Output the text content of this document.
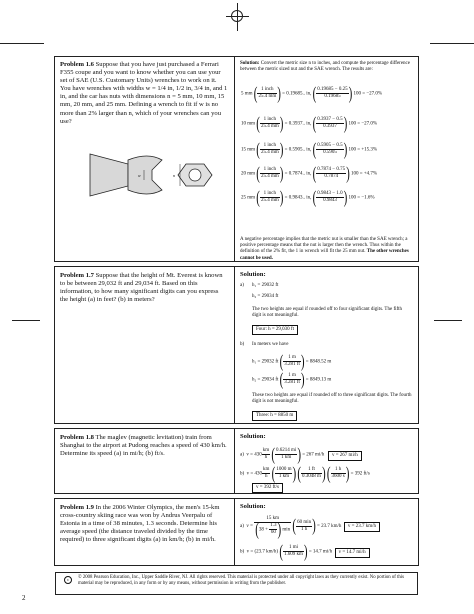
Problem 1.6 Suppose that you have just purchased a Ferrari F355 coupe and you want to know whether you can use your set of SAE (U.S. Customary Units) wrenches to work on it. You have wrenches with widths w = 1/4 in, 1/2 in, 3/4 in, and 1 in, and the car has nuts with dimensions n = 5 mm, 10 mm, 15 mm, 20 mm, and 25 mm. Defining a wrench to fit if w is no more than 2% larger than n, which of your wrenches can you use?
w	n
Solution: Convert the metric size n to inches, and compute the percentage difference between the metric sized nut and the SAE wrench. The results are:
A negative percentage implies that the metric nut is smaller than the SAE wrench; a positive percentage means that the nut is larger then the wrench. Thus within the definition of the 2% fit, the 1 in wrench will fit the 25 mm nut. The other wrenches cannot be used.
5 mm ( $\frac{\text{1 inch}}{25.4 mm}$ ) = 0.19685.. in, ( $\frac{0.19685 - 0.25}{0.19685}$ ) 100 = −27.0%
10 mm ( $\frac{\text{1 inch}}{25.4 mm}$ ) = 0.3937.. in, ( $\frac{0.3937 - 0.5}{0.3937}$ ) 100 = −27.0%
15 mm ( $\frac{\text{1 inch}}{25.4 mm}$ ) = 0.5905.. in, ( $\frac{0.5905 - 0.5}{0.5905}$ ) 100 = +15.3%
20 mm ( $\frac{\text{1 inch}}{25.4 mm}$ ) = 0.7874.. in, ( $\frac{0.7874 - 0.75}{0.7874}$ ) 100 = +4.7%
25 mm ( $\frac{\text{1 inch}}{25.4 mm}$ ) = 0.9843.. in, ( $\frac{0.9843 - 1.0}{0.9843}$ ) 100 = −1.6%
Problem 1.7 Suppose that the height of Mt. Everest is known to be between 29,032 ft and 29,034 ft. Based on this information, to how many significant digits can you express the height (a) in feet? (b) in meters?
Solution:
a) h₁ = 29032 ft
h₂ = 29034 ft
The two heights are equal if rounded off to four significant digits. The fifth digit is not meaningful.
Four: h = 29,030 ft
b) In meters we have
h₁ = 29032 ft ( $\frac{1 m}{3.281 ft}$ ) = 8848.52 m
h₂ = 29034 ft ( $\frac{1 m}{3.281 ft}$ ) = 8849.13 m
These two heights are equal if rounded off to three significant digits. The fourth digit is not meaningful.
Three: h = 8850 m
Problem 1.8 The maglev (magnetic levitation) train from Shanghai to the airport at Pudong reaches a speed of 430 km/h. Determine its speed (a) in mi/h; (b) ft/s.
Solution:
a) $v = 430 \frac{km}{h}$ ( $\frac{0.6214 mi}{1 km}$ ) = 267 mi/h v = 267 mi/h
b) $v = 430 \frac{km}{h}$ ( $\frac{1000 m}{1 km}$ ) ( $\frac{1 ft}{0.3048 m}$ ) ( $\frac{1 h}{3600 s}$ ) = 392 ft/s
v = 392 ft/s
Problem 1.9 In the 2006 Winter Olympics, the men's 15-km cross-country skiing race was won by Andrus Veerpalu of Estonia in a time of 38 minutes, 1.3 seconds. Determine his average speed (the distance traveled divided by the time required) to three significant digits (a) in km/h; (b) in mi/h.
Solution:
a) $v = \frac{15 km}{(38 + \frac{1.3}{60} ) \min}$ ( $\frac{60 \min}{1 h}$ ) = 23.7 km/h v = 23.7 km/h
b) v = (23.7 km/h) ( $\frac{1 mi}{1.609 km}$ ) = 14.7 mi/h v = 14.7 mi/h
c	© 2008 Pearson Education, Inc., Upper Saddle River, NJ. All rights reserved. This material is protected under all copyright laws as they currently exist. No portion of this material may be reproduced, in any form or by any means, without permission in writing from the publisher.
2
